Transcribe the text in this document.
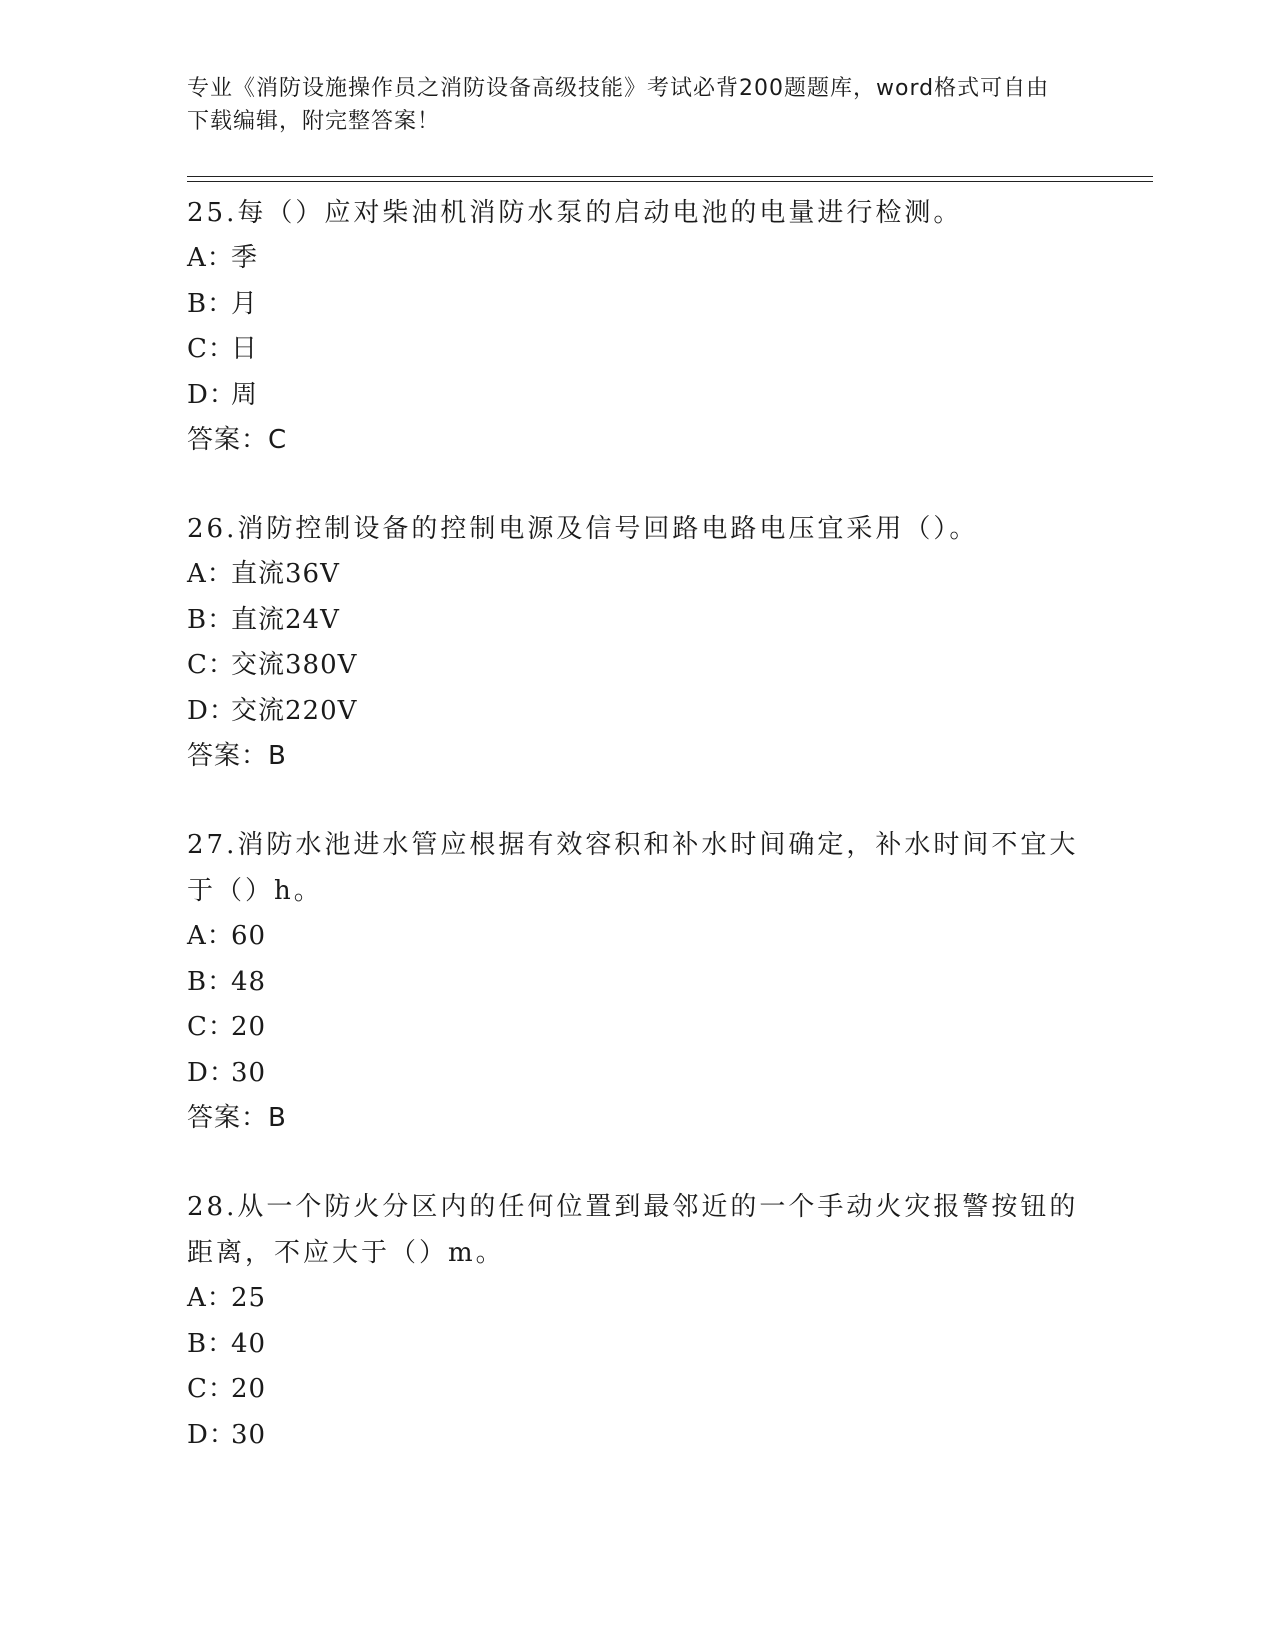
专业《消防设施操作员之消防设备高级技能》考试必背200题题库，word格式可自由下载编辑，附完整答案！
25.每（）应对柴油机消防水泵的启动电池的电量进行检测。
A：季
B：月
C：日
D：周
答案：C
26.消防控制设备的控制电源及信号回路电路电压宜采用（）。
A：直流36V
B：直流24V
C：交流380V
D：交流220V
答案：B
27.消防水池进水管应根据有效容积和补水时间确定，补水时间不宜大于（）h。
A：60
B：48
C：20
D：30
答案：B
28.从一个防火分区内的任何位置到最邻近的一个手动火灾报警按钮的距离，不应大于（）m。
A：25
B：40
C：20
D：30
